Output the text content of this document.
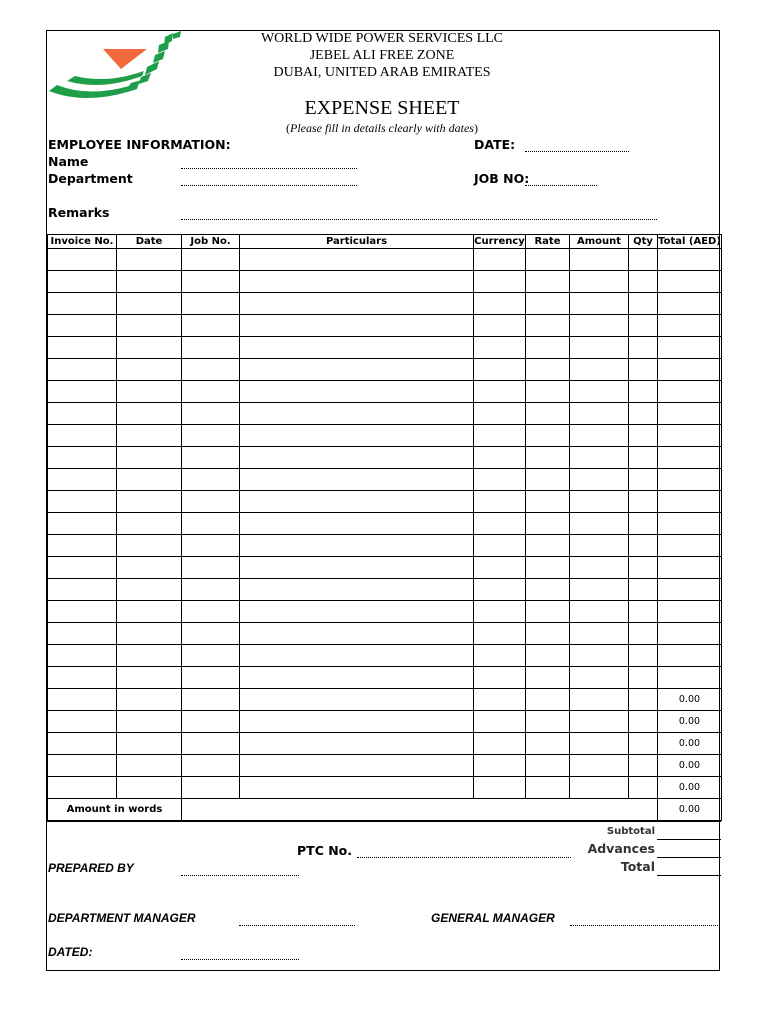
WORLD WIDE POWER SERVICES LLC
JEBEL ALI FREE ZONE
DUBAI, UNITED ARAB EMIRATES
EXPENSE SHEET
(Please fill in details clearly with dates)
EMPLOYEE INFORMATION:	DATE:
Name
Department	JOB NO:
Remarks
Invoice No.	Date	Job No.	Particulars	Currency	Rate	Amount	Qty	Total (AED)

								0.00
								0.00
								0.00
								0.00
								0.00
Amount in words								0.00
Subtotal
PTC No.	Advances
Total
PREPARED BY
DEPARTMENT MANAGER	GENERAL MANAGER
DATED:
